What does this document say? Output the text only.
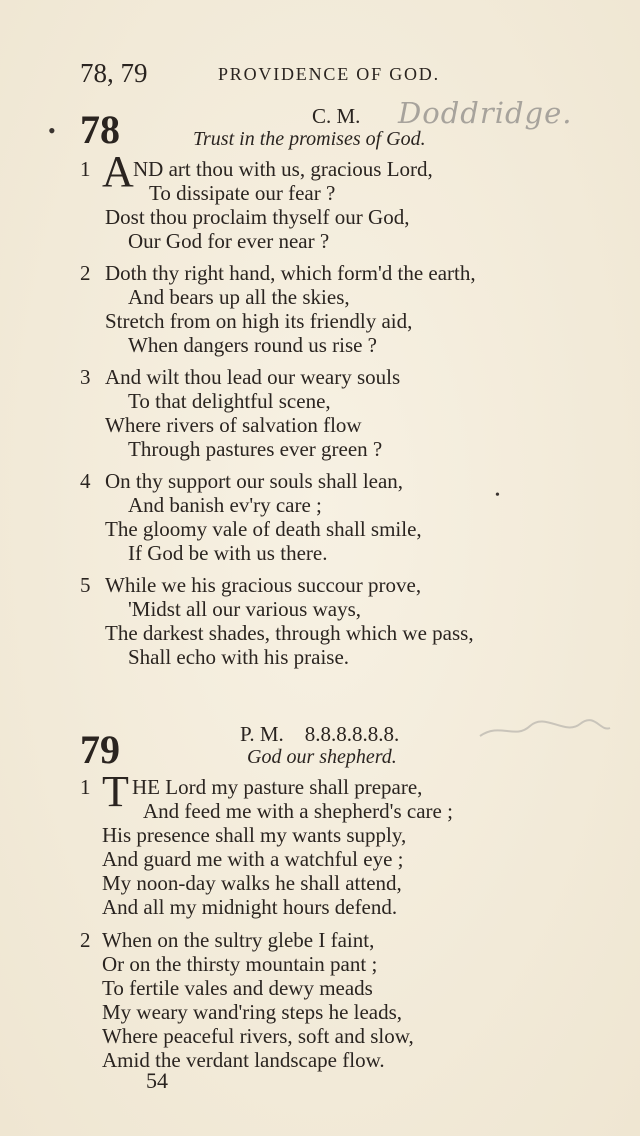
78, 79	PROVIDENCE OF GOD.
• 78	C. M. Doddridge.
Trust in the promises of God.
1 A ND art thou with us, gracious Lord,
To dissipate our fear ?
Dost thou proclaim thyself our God,
Our God for ever near ?
2 Doth thy right hand, which form'd the earth,
And bears up all the skies,
Stretch from on high its friendly aid,
When dangers round us rise ?
3 And wilt thou lead our weary souls
To that delightful scene,
Where rivers of salvation flow
Through pastures ever green ?
4 On thy support our souls shall lean,
And banish ev'ry care ;	•
The gloomy vale of death shall smile,
If God be with us there.
5 While we his gracious succour prove,
'Midst all our various ways,
The darkest shades, through which we pass,
Shall echo with his praise.
79	P. M.    8.8.8.8.8.8.
God our shepherd.
1 T HE Lord my pasture shall prepare,
And feed me with a shepherd's care ;
His presence shall my wants supply,
And guard me with a watchful eye ;
My noon-day walks he shall attend,
And all my midnight hours defend.
2 When on the sultry glebe I faint,
Or on the thirsty mountain pant ;
To fertile vales and dewy meads
My weary wand'ring steps he leads,
Where peaceful rivers, soft and slow,
Amid the verdant landscape flow.
54
